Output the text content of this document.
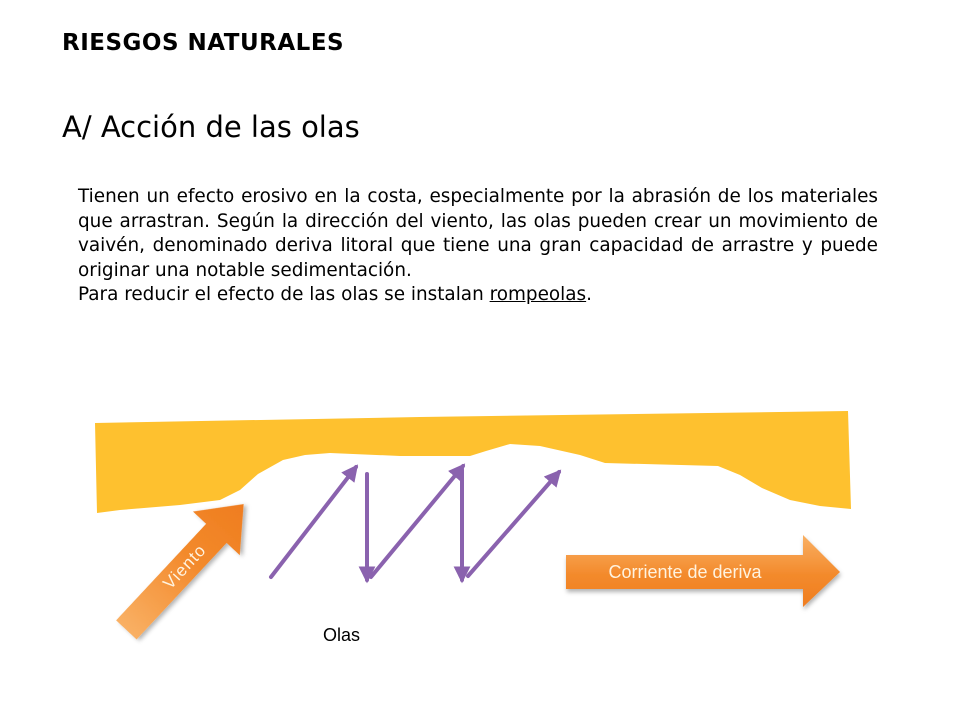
RIESGOS NATURALES
A/ Acción de las olas

Tienen un efecto erosivo en la costa, especialmente por la abrasión de los materiales que arrastran. Según la dirección del viento, las olas pueden crear un movimiento de vaivén, denominado deriva litoral que tiene una gran capacidad de arrastre y puede originar una notable sedimentación.

Para reducir el efecto de las olas se instalan rompeolas.

Corriente de deriva
Viento
Olas
